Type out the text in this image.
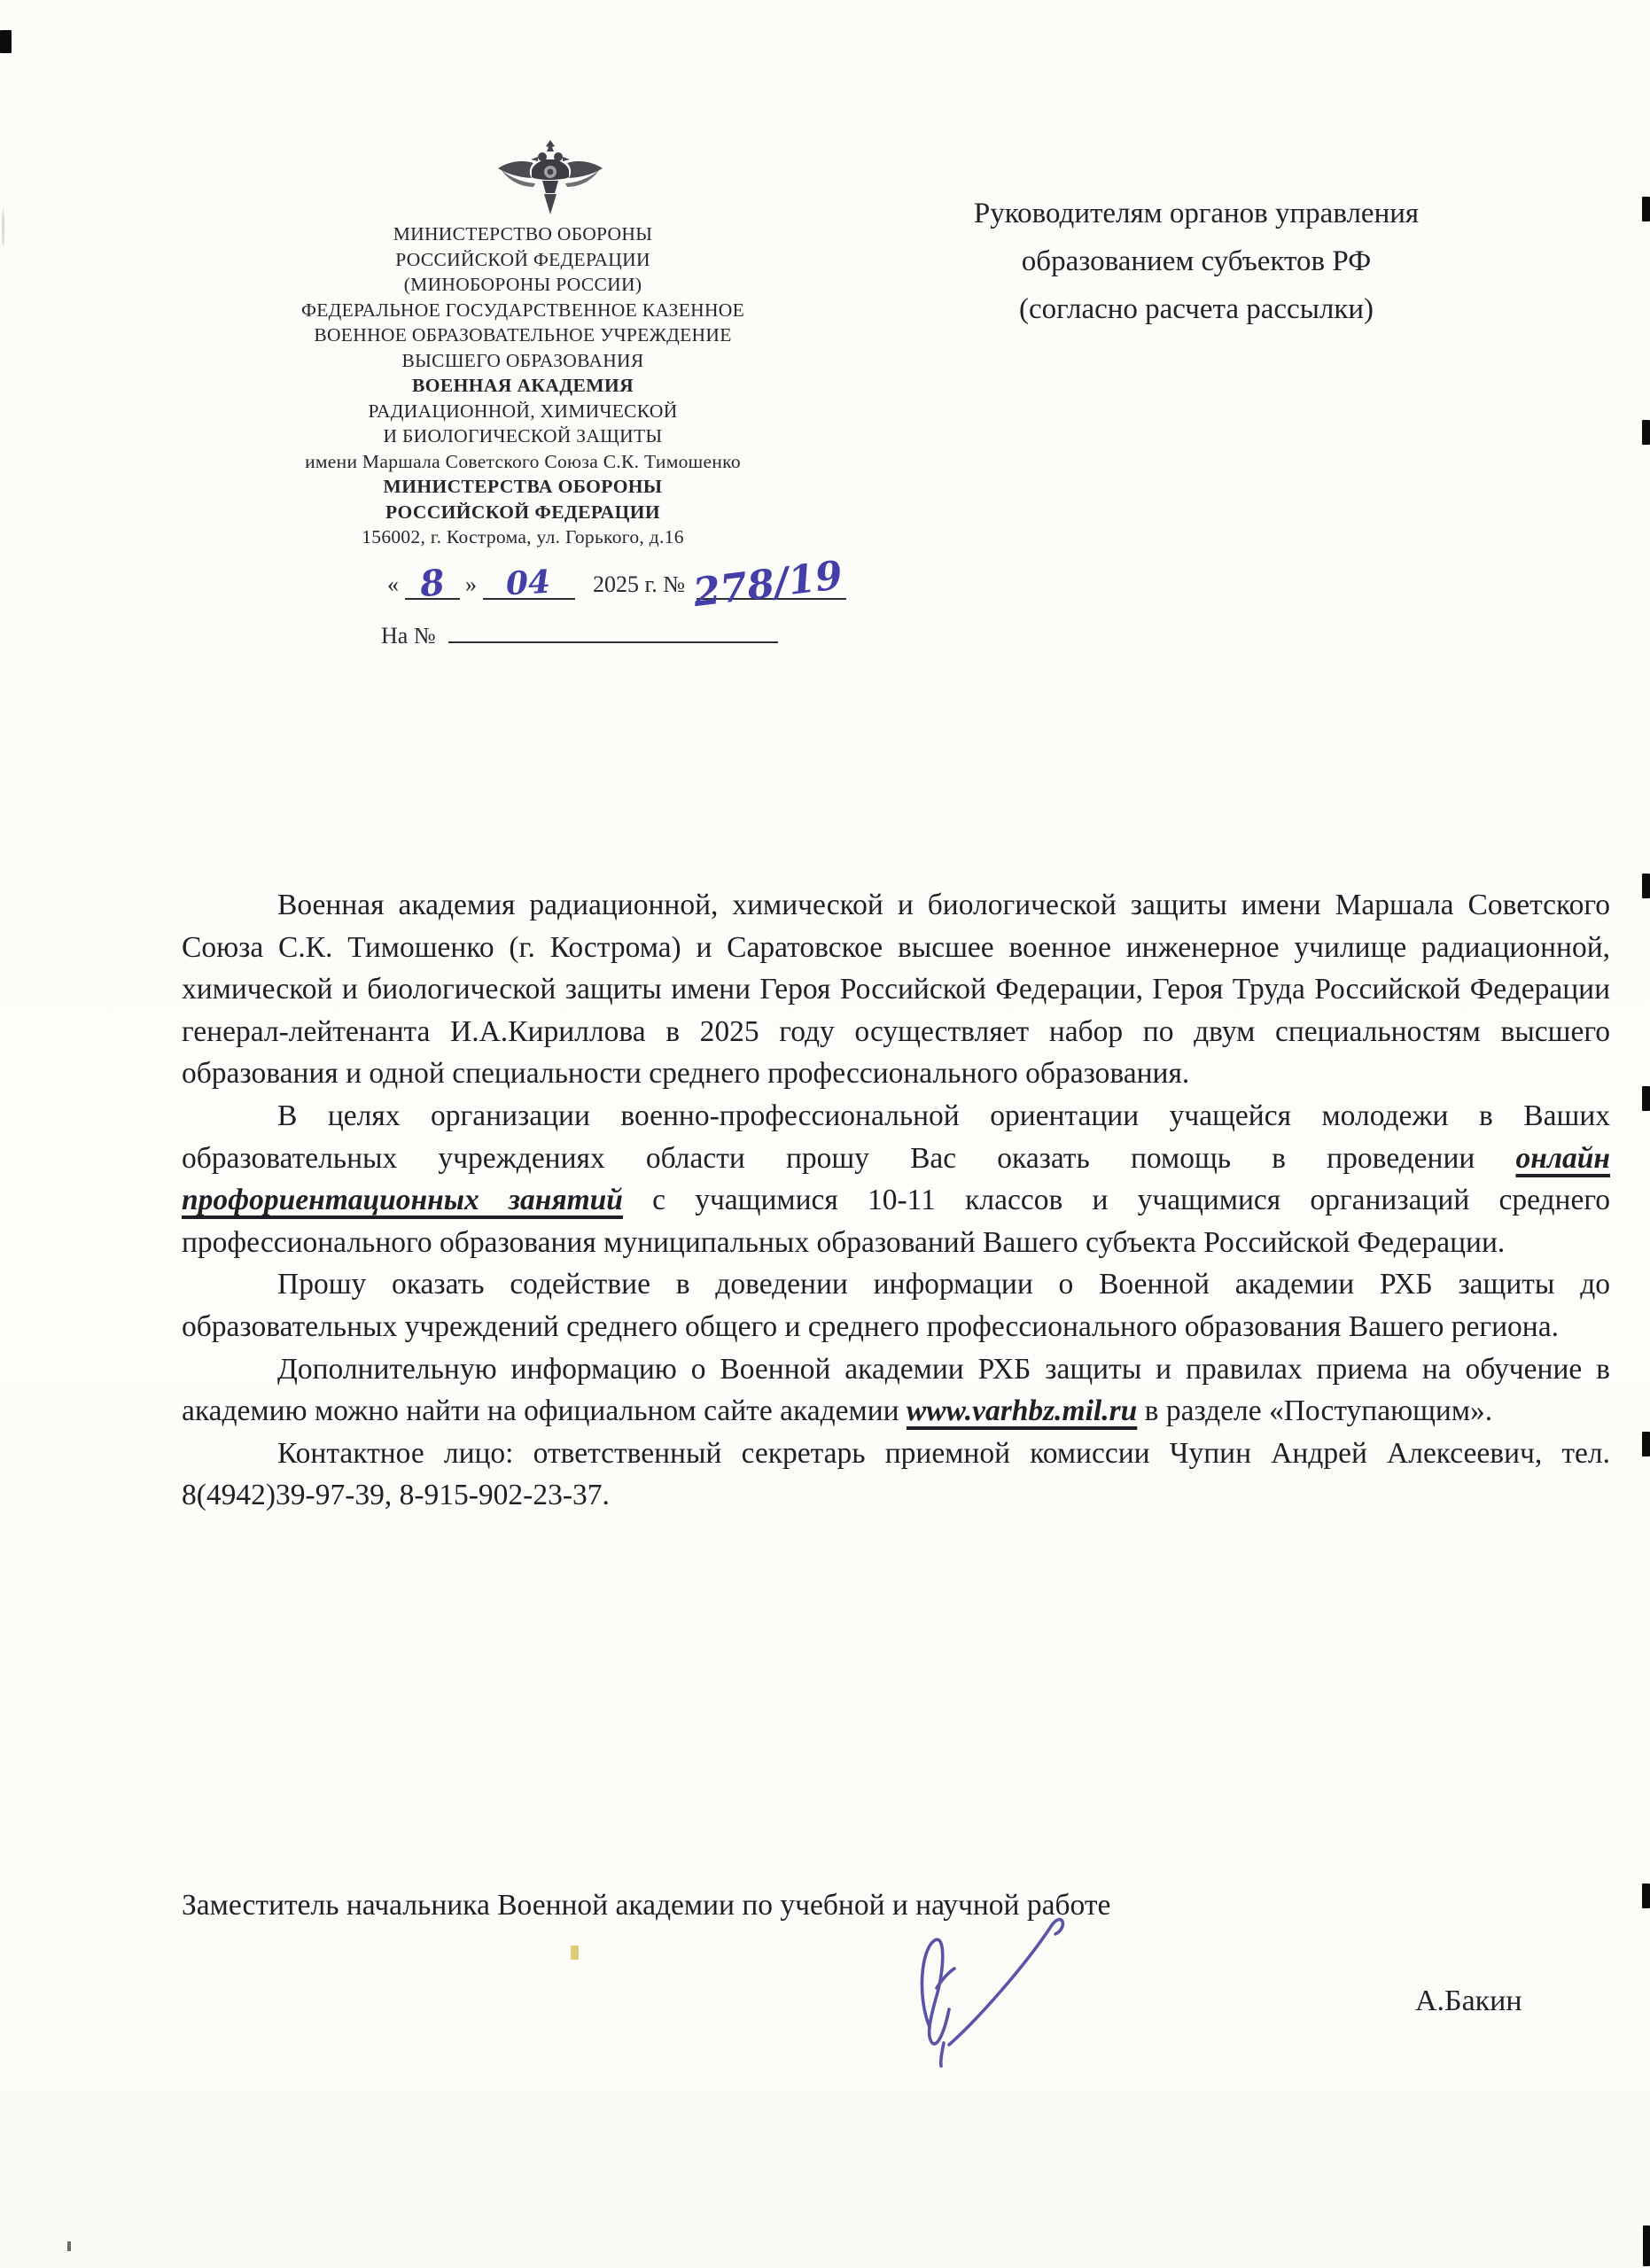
МИНИСТЕРСТВО ОБОРОНЫ
РОССИЙСКОЙ ФЕДЕРАЦИИ
(МИНОБОРОНЫ РОССИИ)
ФЕДЕРАЛЬНОЕ ГОСУДАРСТВЕННОЕ КАЗЕННОЕ
ВОЕННОЕ ОБРАЗОВАТЕЛЬНОЕ УЧРЕЖДЕНИЕ
ВЫСШЕГО ОБРАЗОВАНИЯ
ВОЕННАЯ АКАДЕМИЯ
РАДИАЦИОННОЙ, ХИМИЧЕСКОЙ
И БИОЛОГИЧЕСКОЙ ЗАЩИТЫ
имени Маршала Советского Союза С.К. Тимошенко
МИНИСТЕРСТВА ОБОРОНЫ
РОССИЙСКОЙ ФЕДЕРАЦИИ
156002, г. Кострома, ул. Горького, д.16
« 8 » 04 2025 г. № 278/19
На №
Руководителям органов управления
образованием субъектов РФ
(согласно расчета рассылки)

Военная академия радиационной, химической и биологической защиты имени Маршала Советского Союза С.К. Тимошенко (г. Кострома) и Саратовское высшее военное инженерное училище радиационной, химической и биологической защиты имени Героя Российской Федерации, Героя Труда Российской Федерации генерал-лейтенанта И.А.Кириллова в 2025 году осуществляет набор по двум специальностям высшего образования и одной специальности среднего профессионального образования.

В целях организации военно-профессиональной ориентации учащейся молодежи в Ваших образовательных учреждениях области прошу Вас оказать помощь в проведении онлайн профориентационных занятий с учащимися 10-11 классов и учащимися организаций среднего профессионального образования муниципальных образований Вашего субъекта Российской Федерации.

Прошу оказать содействие в доведении информации о Военной академии РХБ защиты до образовательных учреждений среднего общего и среднего профессионального образования Вашего региона.

Дополнительную информацию о Военной академии РХБ защиты и правилах приема на обучение в академию можно найти на официальном сайте академии www.varhbz.mil.ru в разделе «Поступающим».

Контактное лицо: ответственный секретарь приемной комиссии Чупин Андрей Алексеевич, тел. 8(4942)39-97-39, 8-915-902-23-37.

Заместитель начальника Военной академии по учебной и научной работе
А.Бакин
